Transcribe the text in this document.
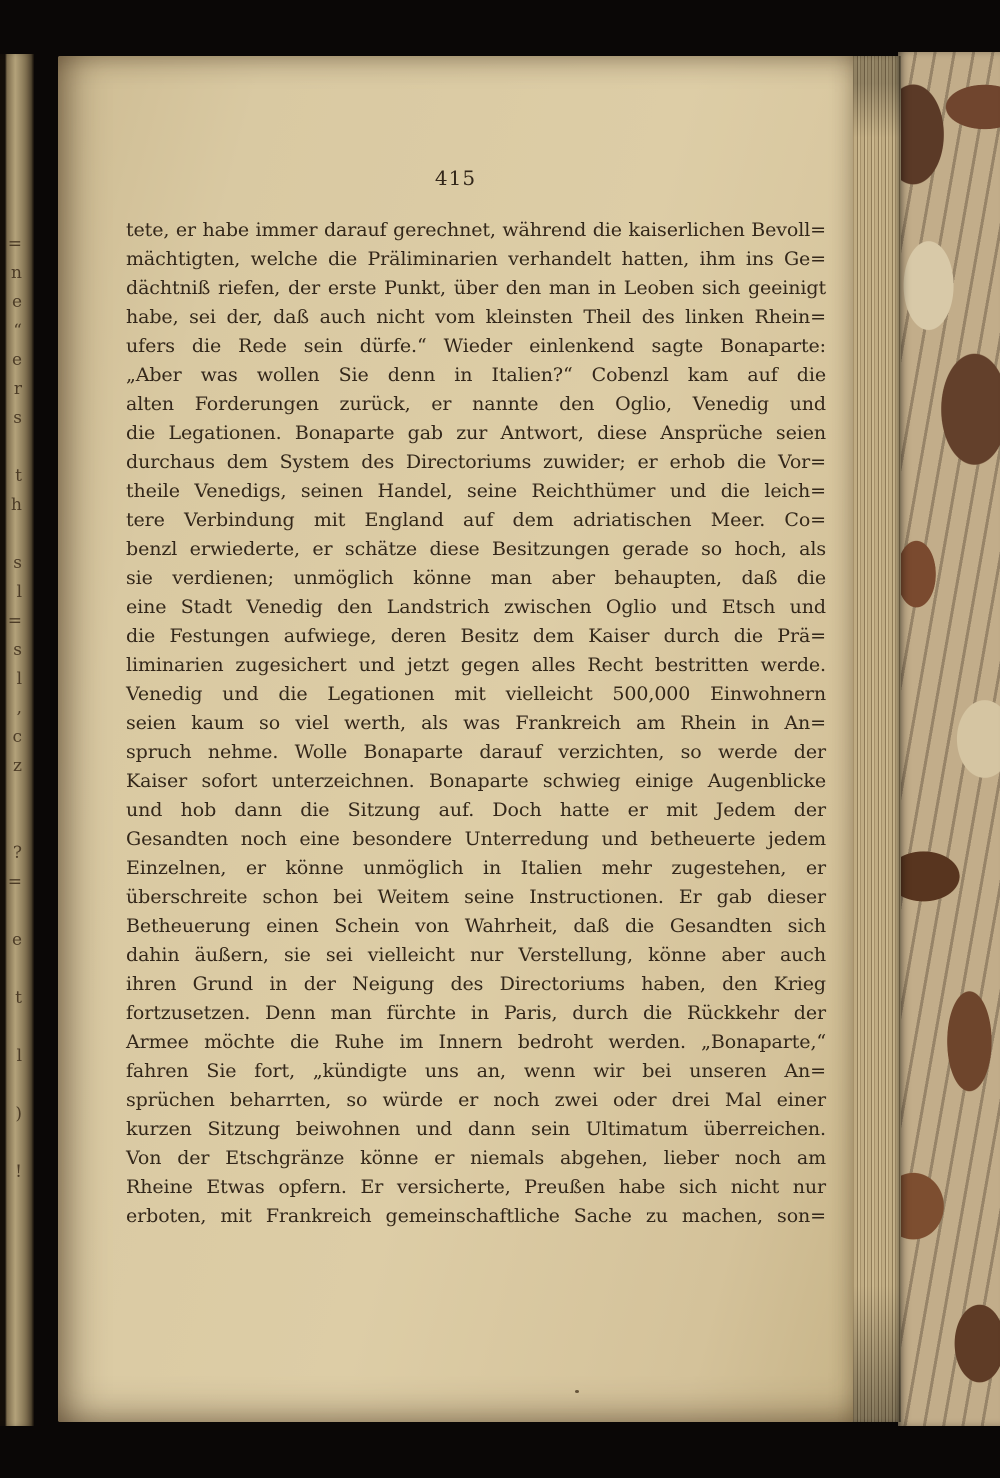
=
n
e
“
e
r
s
t
h
s
l
=
s
l
,
c
z
?
=
e
t
l
)
!
415
tete, er habe immer darauf gerechnet, während die kaiserlichen Bevoll=
mächtigten, welche die Präliminarien verhandelt hatten, ihm ins Ge=
dächtniß riefen, der erste Punkt, über den man in Leoben sich geeinigt
habe, sei der, daß auch nicht vom kleinsten Theil des linken Rhein=
ufers die Rede sein dürfe.“ Wieder einlenkend sagte Bonaparte:
„Aber was wollen Sie denn in Italien?“ Cobenzl kam auf die
alten Forderungen zurück, er nannte den Oglio, Venedig und
die Legationen. Bonaparte gab zur Antwort, diese Ansprüche seien
durchaus dem System des Directoriums zuwider; er erhob die Vor=
theile Venedigs, seinen Handel, seine Reichthümer und die leich=
tere Verbindung mit England auf dem adriatischen Meer. Co=
benzl erwiederte, er schätze diese Besitzungen gerade so hoch, als
sie verdienen; unmöglich könne man aber behaupten, daß die
eine Stadt Venedig den Landstrich zwischen Oglio und Etsch und
die Festungen aufwiege, deren Besitz dem Kaiser durch die Prä=
liminarien zugesichert und jetzt gegen alles Recht bestritten werde.
Venedig und die Legationen mit vielleicht 500,000 Einwohnern
seien kaum so viel werth, als was Frankreich am Rhein in An=
spruch nehme. Wolle Bonaparte darauf verzichten, so werde der
Kaiser sofort unterzeichnen. Bonaparte schwieg einige Augenblicke
und hob dann die Sitzung auf. Doch hatte er mit Jedem der
Gesandten noch eine besondere Unterredung und betheuerte jedem
Einzelnen, er könne unmöglich in Italien mehr zugestehen, er
überschreite schon bei Weitem seine Instructionen. Er gab dieser
Betheuerung einen Schein von Wahrheit, daß die Gesandten sich
dahin äußern, sie sei vielleicht nur Verstellung, könne aber auch
ihren Grund in der Neigung des Directoriums haben, den Krieg
fortzusetzen. Denn man fürchte in Paris, durch die Rückkehr der
Armee möchte die Ruhe im Innern bedroht werden. „Bonaparte,“
fahren Sie fort, „kündigte uns an, wenn wir bei unseren An=
sprüchen beharrten, so würde er noch zwei oder drei Mal einer
kurzen Sitzung beiwohnen und dann sein Ultimatum überreichen.
Von der Etschgränze könne er niemals abgehen, lieber noch am
Rheine Etwas opfern. Er versicherte, Preußen habe sich nicht nur
erboten, mit Frankreich gemeinschaftliche Sache zu machen, son=
